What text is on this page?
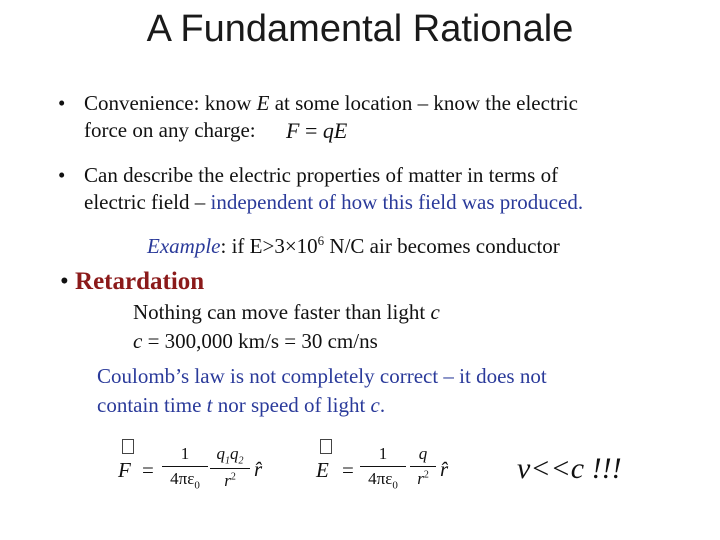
A Fundamental Rationale
• Convenience: know E at some location – know the electric
force on any charge:	F = qE
• Can describe the electric properties of matter in terms of
electric field – independent of how this field was produced.
Example: if $E>3\times 10^6$ N/C air becomes conductor
• Retardation
Nothing can move faster than light c
c = 300,000 km/s = 30 cm/ns
Coulomb’s law is not completely correct – it does not
contain time t nor speed of light c.
$F = \frac{1}{4\pi\varepsilon_0} \frac{q_1q_2}{r^2}$ r̂	$E = \frac{1}{4\pi\varepsilon_0} \frac{q}{r^2}$ r̂ v<<c !!!
